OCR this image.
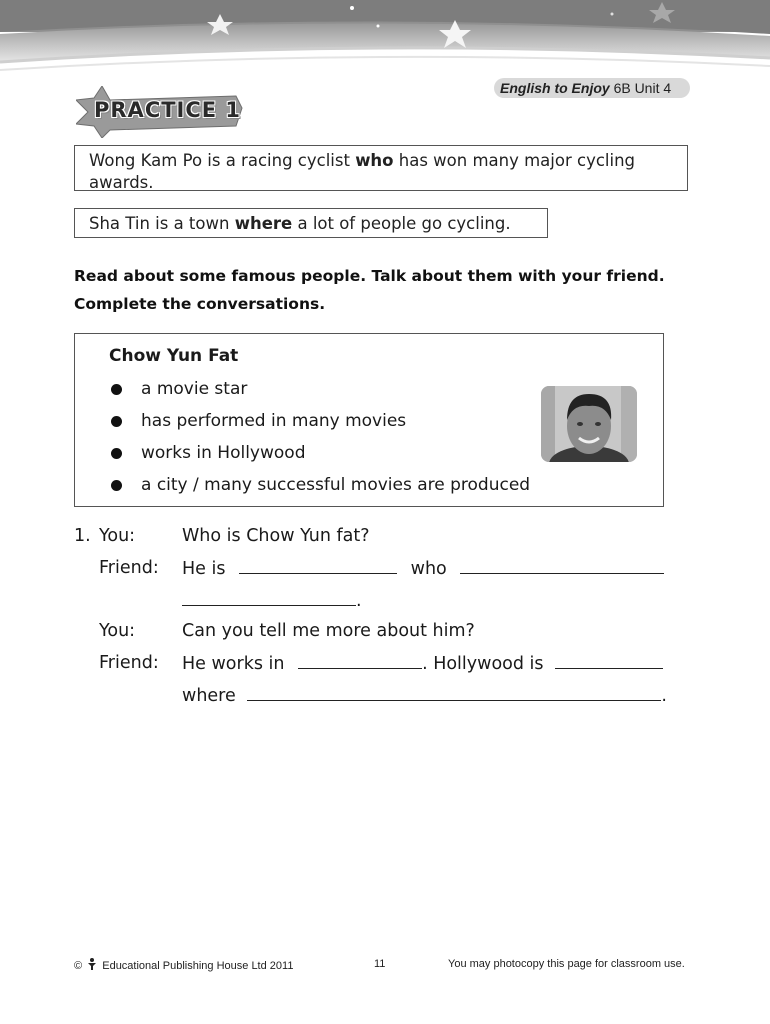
English to Enjoy 6B Unit 4
PRACTICE 1
Wong Kam Po is a racing cyclist who has won many major cycling awards.
Sha Tin is a town where a lot of people go cycling.
Read about some famous people. Talk about them with your friend.
Complete the conversations.
Chow Yun Fat
a movie star
has performed in many movies
works in Hollywood
a city / many successful movies are produced
1. You:	Who is Chow Yun fat?
Friend: He is	who
.
You:	Can you tell me more about him?
Friend: He works in	. Hollywood is
where	.
© Educational Publishing House Ltd 2011	11	You may photocopy this page for classroom use.
